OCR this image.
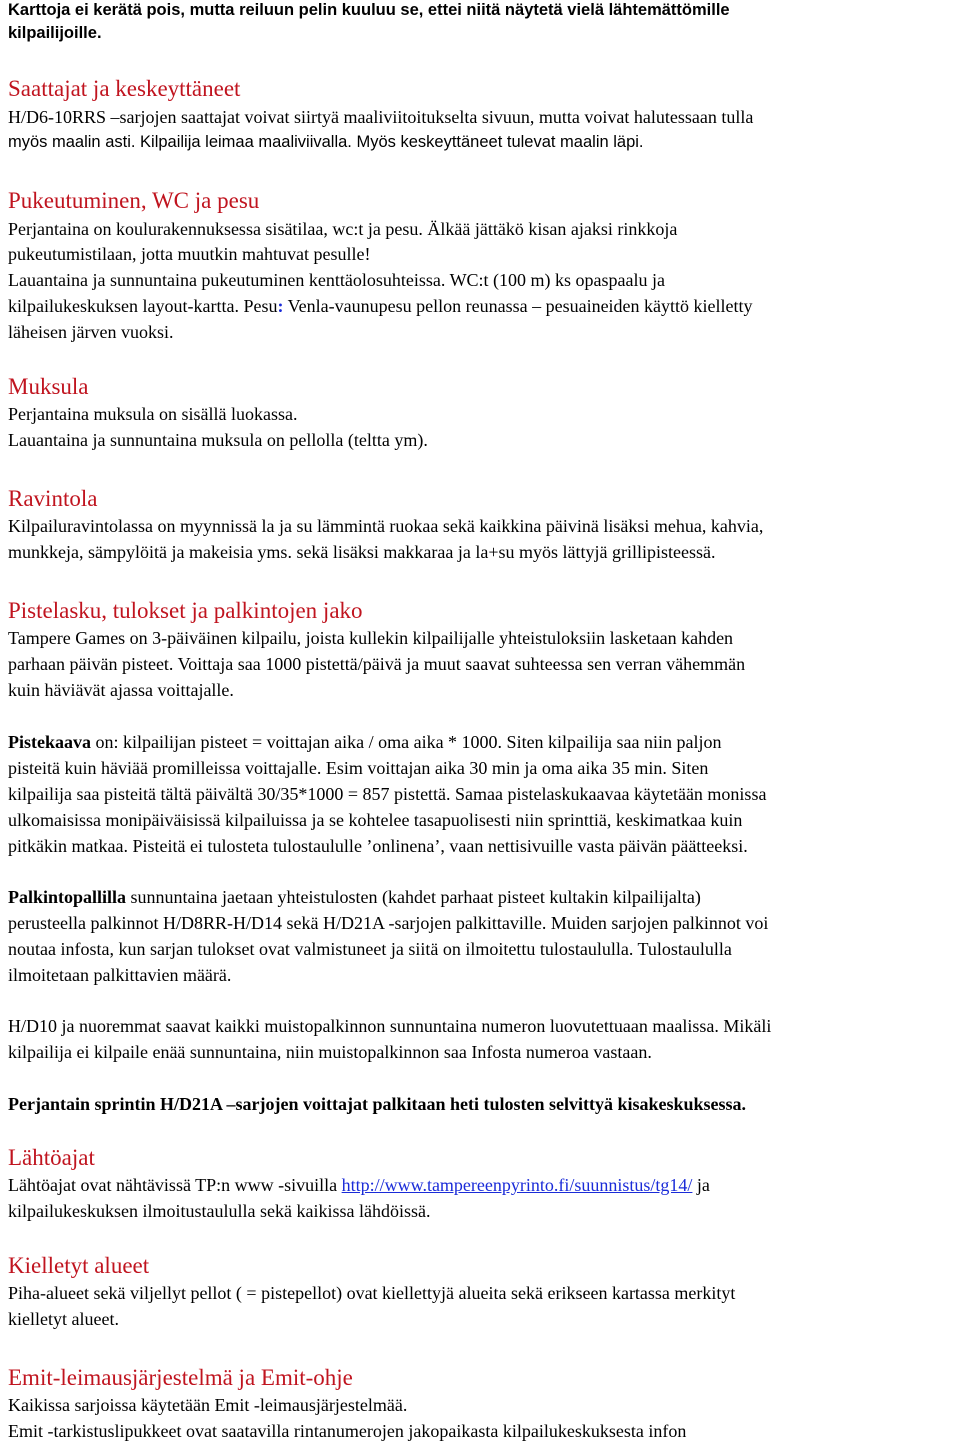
Karttoja ei kerätä pois, mutta reiluun pelin kuuluu se, ettei niitä näytetä vielä lähtemättömille
kilpailijoille.
Saattajat ja keskeyttäneet
H/D6-10RRS –sarjojen saattajat voivat siirtyä maaliviitoitukselta sivuun, mutta voivat halutessaan tulla
myös maalin asti. Kilpailija leimaa maaliviivalla. Myös keskeyttäneet tulevat maalin läpi.
Pukeutuminen, WC ja pesu
Perjantaina on koulurakennuksessa sisätilaa, wc:t ja pesu. Älkää jättäkö kisan ajaksi rinkkoja
pukeutumistilaan, jotta muutkin mahtuvat pesulle!
Lauantaina ja sunnuntaina pukeutuminen kenttäolosuhteissa. WC:t (100 m) ks opaspaalu ja
kilpailukeskuksen layout-kartta. Pesu: Venla-vaunupesu pellon reunassa – pesuaineiden käyttö kielletty
läheisen järven vuoksi.
Muksula
Perjantaina muksula on sisällä luokassa.
Lauantaina ja sunnuntaina muksula on pellolla (teltta ym).
Ravintola
Kilpailuravintolassa on myynnissä la ja su lämmintä ruokaa sekä kaikkina päivinä lisäksi mehua, kahvia,
munkkeja, sämpylöitä ja makeisia yms. sekä lisäksi makkaraa ja la+su myös lättyjä grillipisteessä.
Pistelasku, tulokset ja palkintojen jako
Tampere Games on 3-päiväinen kilpailu, joista kullekin kilpailijalle yhteistuloksiin lasketaan kahden
parhaan päivän pisteet. Voittaja saa 1000 pistettä/päivä ja muut saavat suhteessa sen verran vähemmän
kuin häviävät ajassa voittajalle.
Pistekaava on: kilpailijan pisteet = voittajan aika / oma aika * 1000. Siten kilpailija saa niin paljon
pisteitä kuin häviää promilleissa voittajalle. Esim voittajan aika 30 min ja oma aika 35 min. Siten
kilpailija saa pisteitä tältä päivältä 30/35*1000 = 857 pistettä. Samaa pistelaskukaavaa käytetään monissa
ulkomaisissa monipäiväisissä kilpailuissa ja se kohtelee tasapuolisesti niin sprinttiä, keskimatkaa kuin
pitkäkin matkaa. Pisteitä ei tulosteta tulostaululle ’onlinena’, vaan nettisivuille vasta päivän päätteeksi.
Palkintopallilla sunnuntaina jaetaan yhteistulosten (kahdet parhaat pisteet kultakin kilpailijalta)
perusteella palkinnot H/D8RR-H/D14 sekä H/D21A -sarjojen palkittaville. Muiden sarjojen palkinnot voi
noutaa infosta, kun sarjan tulokset ovat valmistuneet ja siitä on ilmoitettu tulostaululla. Tulostaululla
ilmoitetaan palkittavien määrä.
H/D10 ja nuoremmat saavat kaikki muistopalkinnon sunnuntaina numeron luovutettuaan maalissa. Mikäli
kilpailija ei kilpaile enää sunnuntaina, niin muistopalkinnon saa Infosta numeroa vastaan.
Perjantain sprintin H/D21A –sarjojen voittajat palkitaan heti tulosten selvittyä kisakeskuksessa.
Lähtöajat
Lähtöajat ovat nähtävissä TP:n www -sivuilla http://www.tampereenpyrinto.fi/suunnistus/tg14/ ja
kilpailukeskuksen ilmoitustaululla sekä kaikissa lähdöissä.
Kielletyt alueet
Piha-alueet sekä viljellyt pellot ( = pistepellot) ovat kiellettyjä alueita sekä erikseen kartassa merkityt
kielletyt alueet.
Emit-leimausjärjestelmä ja Emit-ohje
Kaikissa sarjoissa käytetään Emit -leimausjärjestelmää.
Emit -tarkistuslipukkeet ovat saatavilla rintanumerojen jakopaikasta kilpailukeskuksesta infon
